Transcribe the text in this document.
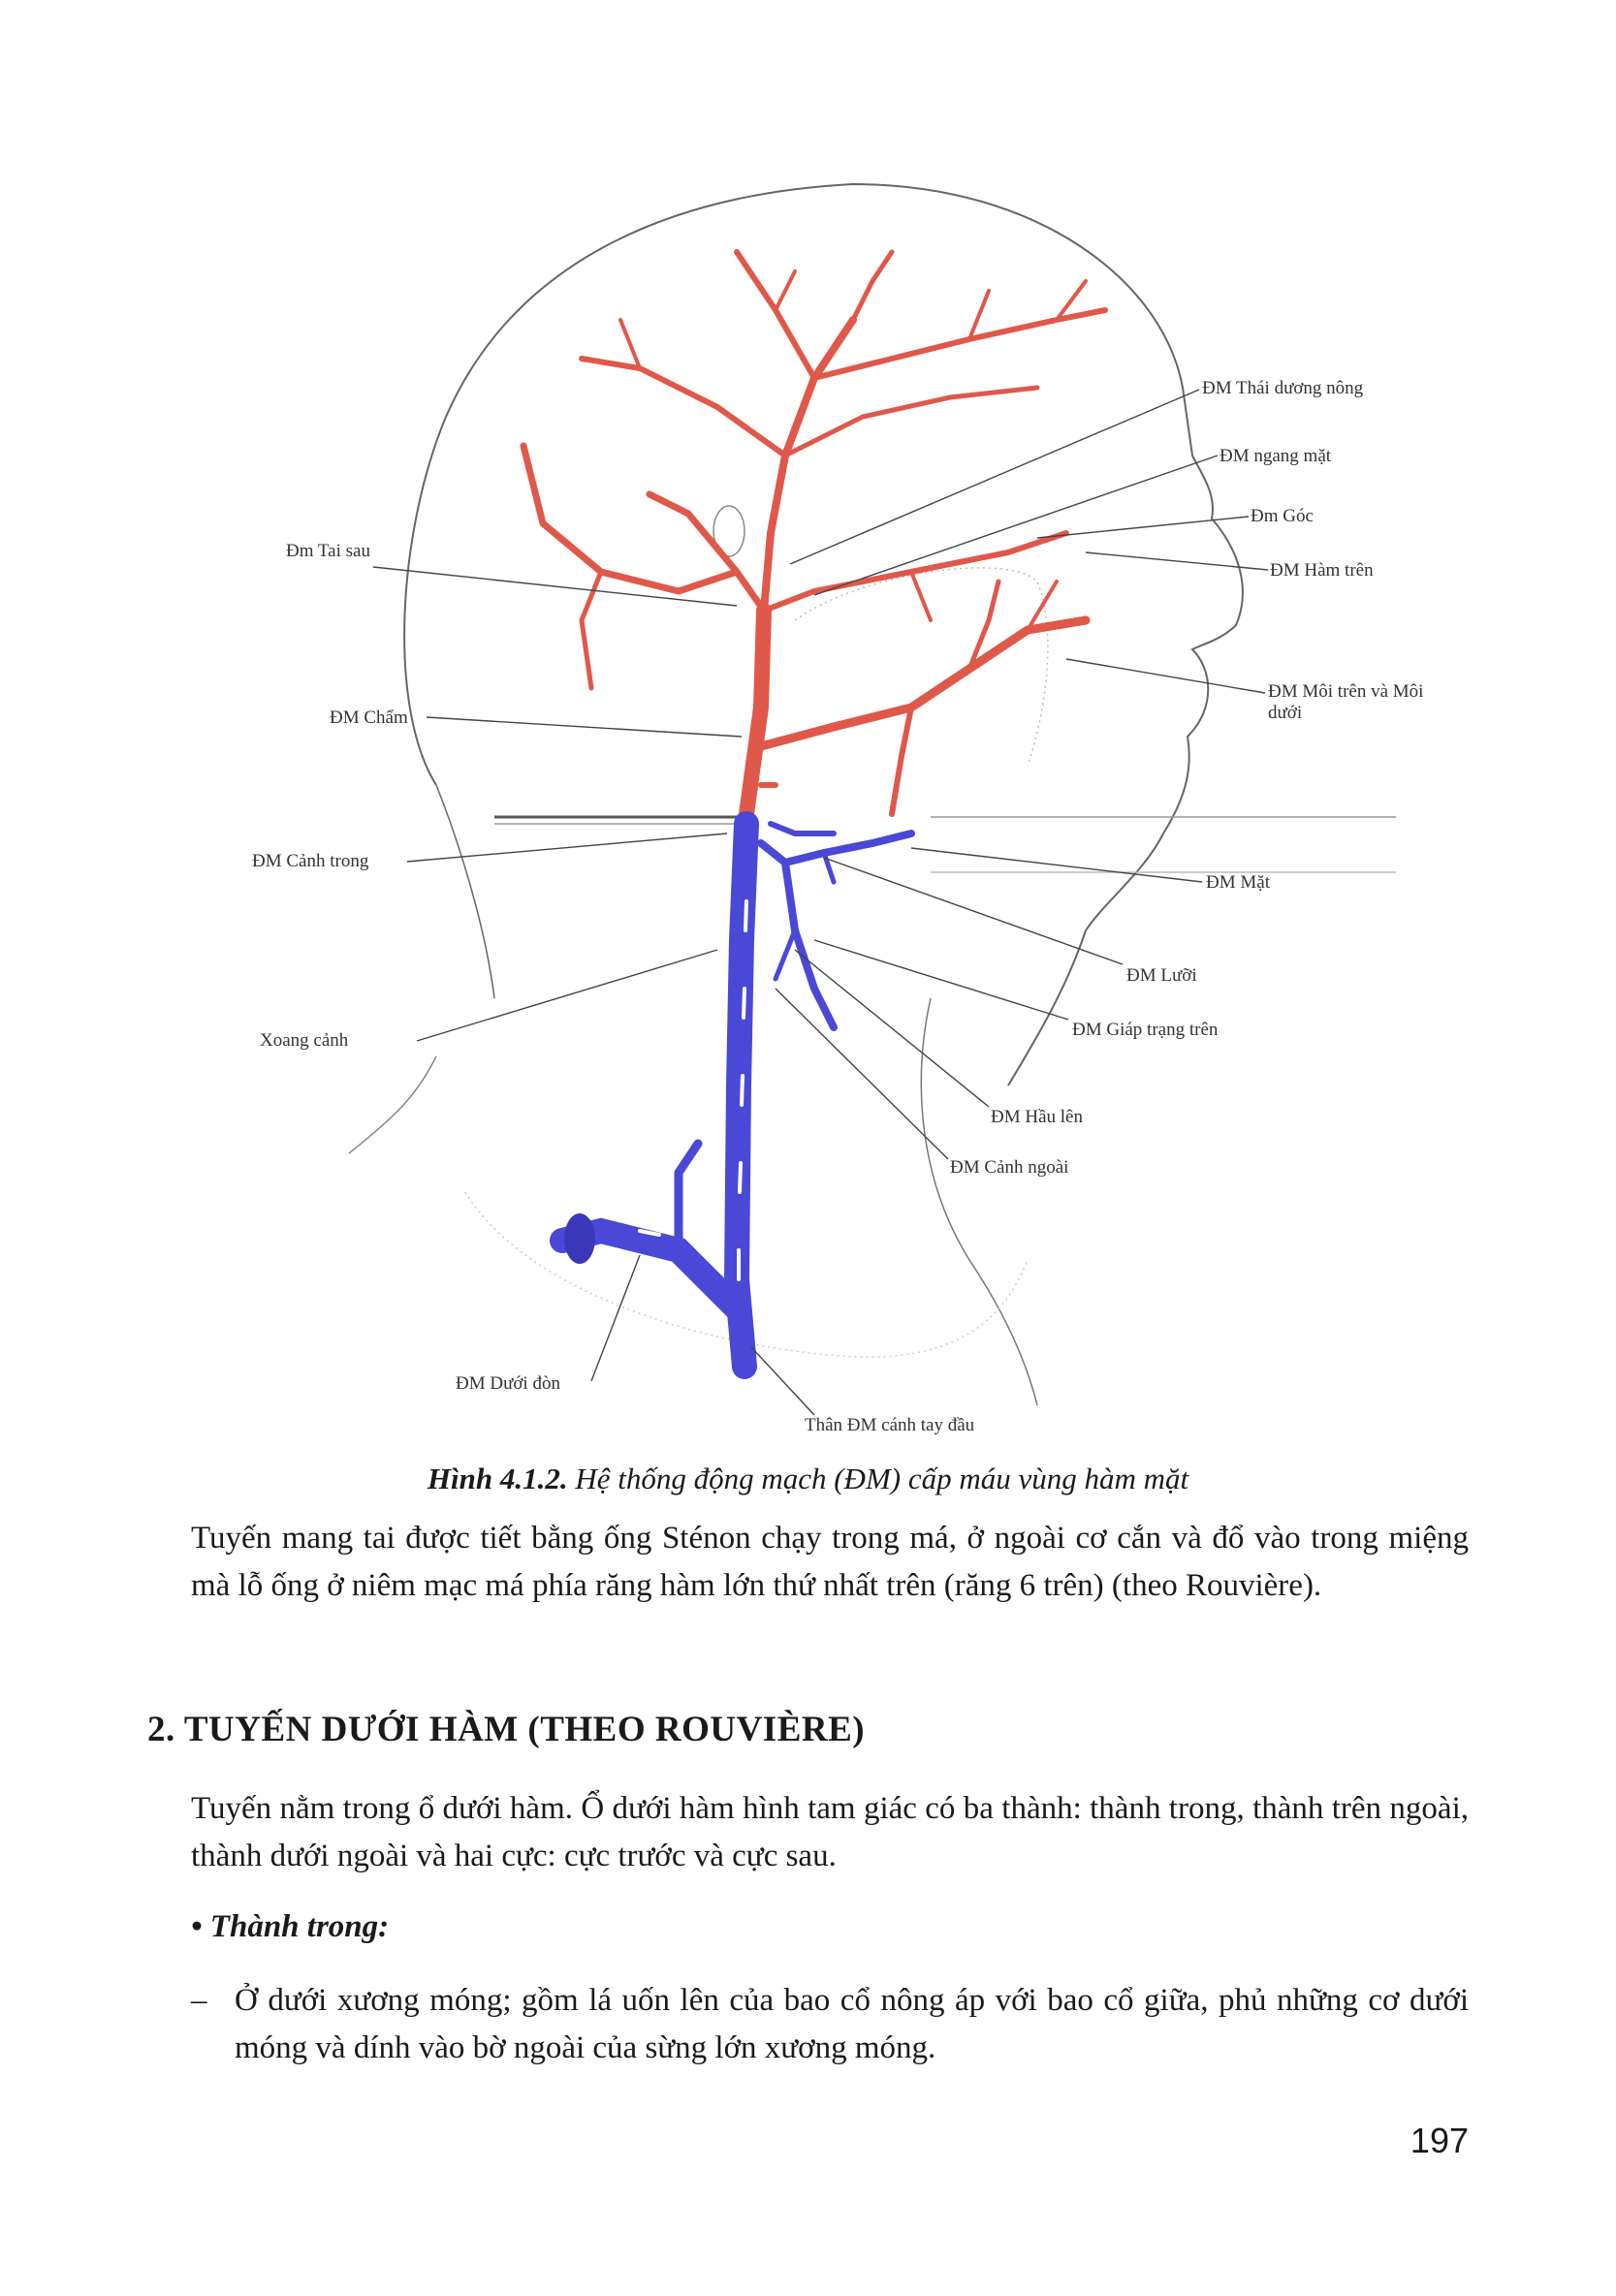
ĐM Thái dương nông
ĐM ngang mặt
Đm Góc
ĐM Hàm trên
ĐM Môi trên và Môi dưới
ĐM Mặt
ĐM Lưỡi
ĐM Giáp trạng trên
ĐM Hầu lên
ĐM Cảnh ngoài
Đm Tai sau
ĐM Chẩm
ĐM Cảnh trong
Xoang cảnh
ĐM Dưới đòn
Thân ĐM cánh tay đầu
Hình 4.1.2. Hệ thống động mạch (ĐM) cấp máu vùng hàm mặt
Tuyến mang tai được tiết bằng ống Sténon chạy trong má, ở ngoài cơ cắn và đổ vào trong miệng mà lỗ ống ở niêm mạc má phía răng hàm lớn thứ nhất trên (răng 6 trên) (theo Rouvière).
2. TUYẾN DƯỚI HÀM (THEO ROUVIÈRE)
Tuyến nằm trong ổ dưới hàm. Ổ dưới hàm hình tam giác có ba thành: thành trong, thành trên ngoài, thành dưới ngoài và hai cực: cực trước và cực sau.
• Thành trong:
– Ở dưới xương móng; gồm lá uốn lên của bao cổ nông áp với bao cổ giữa, phủ những cơ dưới móng và dính vào bờ ngoài của sừng lớn xương móng.
197
